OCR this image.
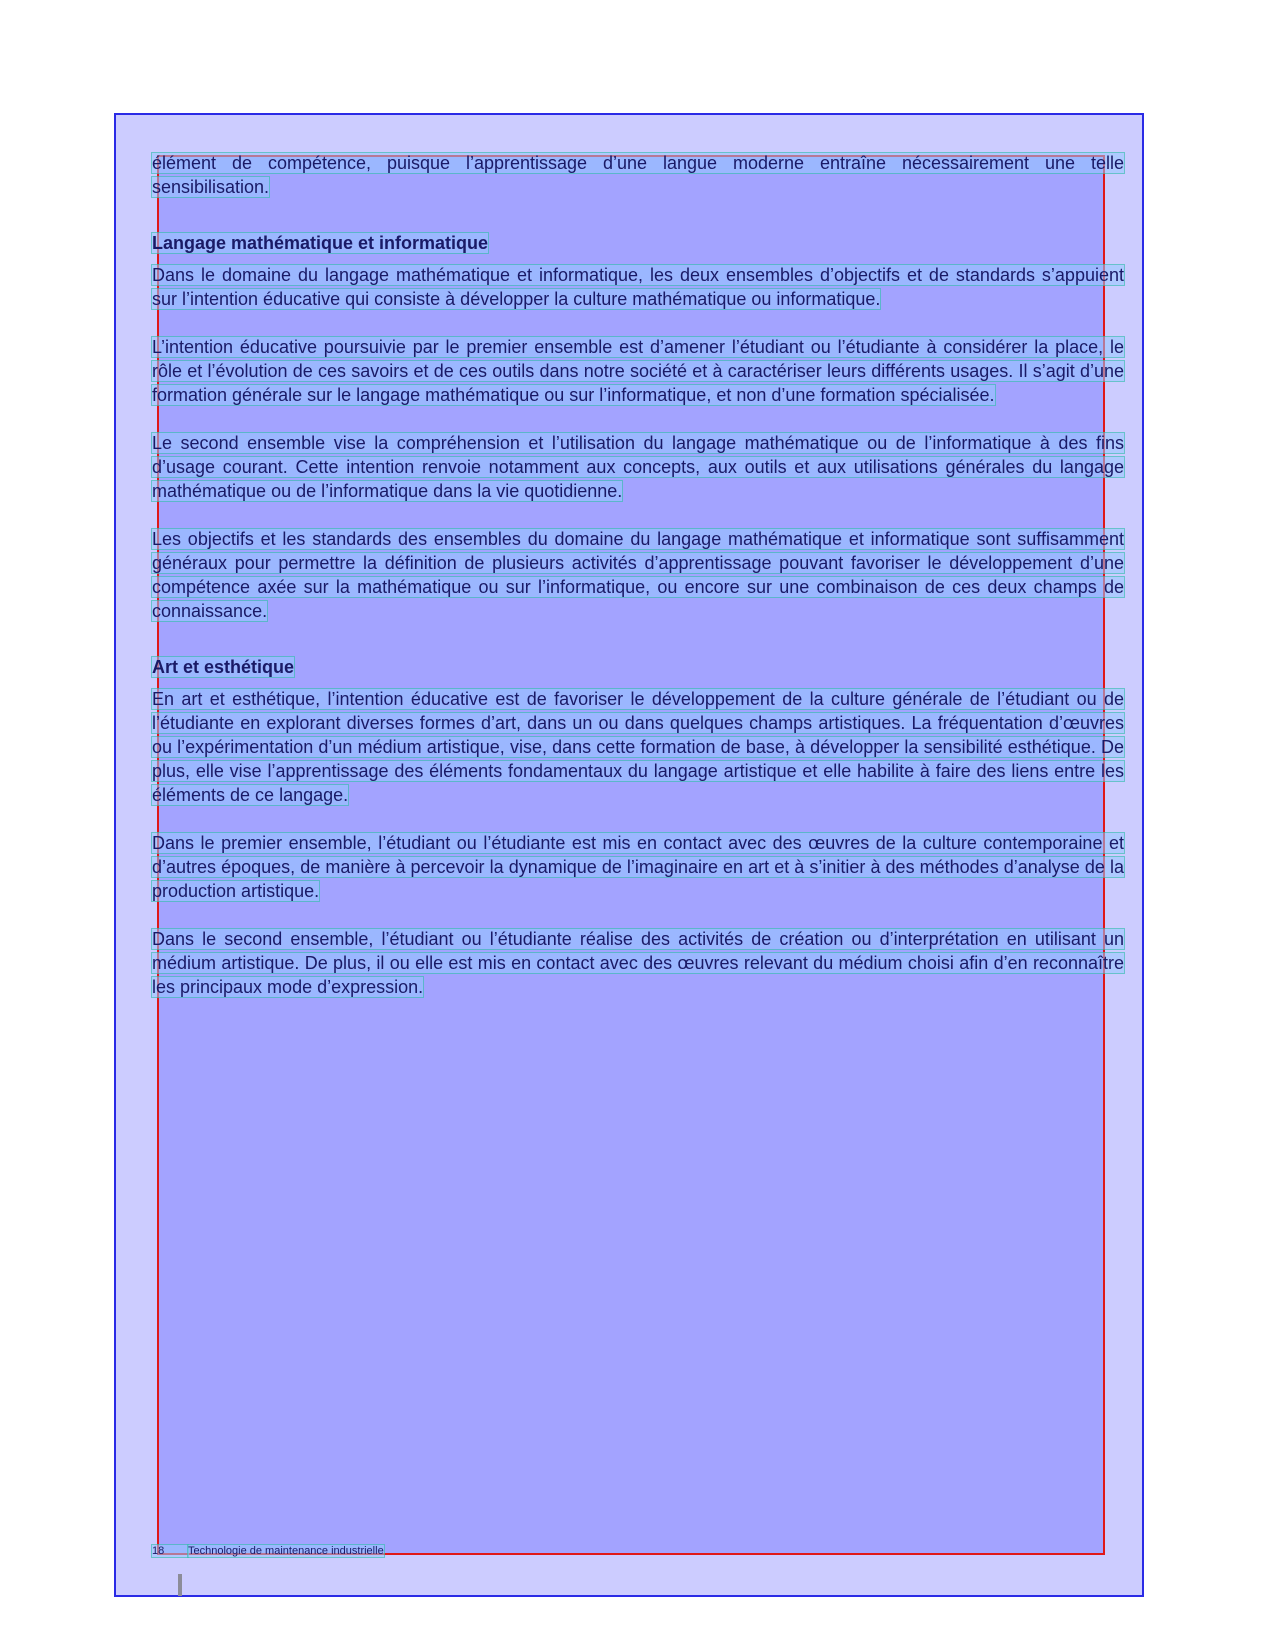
élément de compétence, puisque l’apprentissage d’une langue moderne entraîne nécessairement une telle sensibilisation.

Langage mathématique et informatique

Dans le domaine du langage mathématique et informatique, les deux ensembles d’objectifs et de standards s’appuient sur l’intention éducative qui consiste à développer la culture mathématique ou informatique.

L’intention éducative poursuivie par le premier ensemble est d’amener l’étudiant ou l’étudiante à considérer la place, le rôle et l’évolution de ces savoirs et de ces outils dans notre société et à caractériser leurs différents usages. Il s’agit d’une formation générale sur le langage mathématique ou sur l’informatique, et non d’une formation spécialisée.

Le second ensemble vise la compréhension et l’utilisation du langage mathématique ou de l’informatique à des fins d’usage courant. Cette intention renvoie notamment aux concepts, aux outils et aux utilisations générales du langage mathématique ou de l’informatique dans la vie quotidienne.

Les objectifs et les standards des ensembles du domaine du langage mathématique et informatique sont suffisamment généraux pour permettre la définition de plusieurs activités d’apprentissage pouvant favoriser le développement d’une compétence axée sur la mathématique ou sur l’informatique, ou encore sur une combinaison de ces deux champs de connaissance.

Art et esthétique

En art et esthétique, l’intention éducative est de favoriser le développement de la culture générale de l’étudiant ou de l’étudiante en explorant diverses formes d’art, dans un ou dans quelques champs artistiques. La fréquentation d’œuvres ou l’expérimentation d’un médium artistique, vise, dans cette formation de base, à développer la sensibilité esthétique. De plus, elle vise l’apprentissage des éléments fondamentaux du langage artistique et elle habilite à faire des liens entre les éléments de ce langage.

Dans le premier ensemble, l’étudiant ou l’étudiante est mis en contact avec des œuvres de la culture contemporaine et d’autres époques, de manière à percevoir la dynamique de l’imaginaire en art et à s’initier à des méthodes d’analyse de la production artistique.

Dans le second ensemble, l’étudiant ou l’étudiante réalise des activités de création ou d’interprétation en utilisant un médium artistique. De plus, il ou elle est mis en contact avec des œuvres relevant du médium choisi afin d’en reconnaître les principaux mode d’expression.

18 Technologie de maintenance industrielle
